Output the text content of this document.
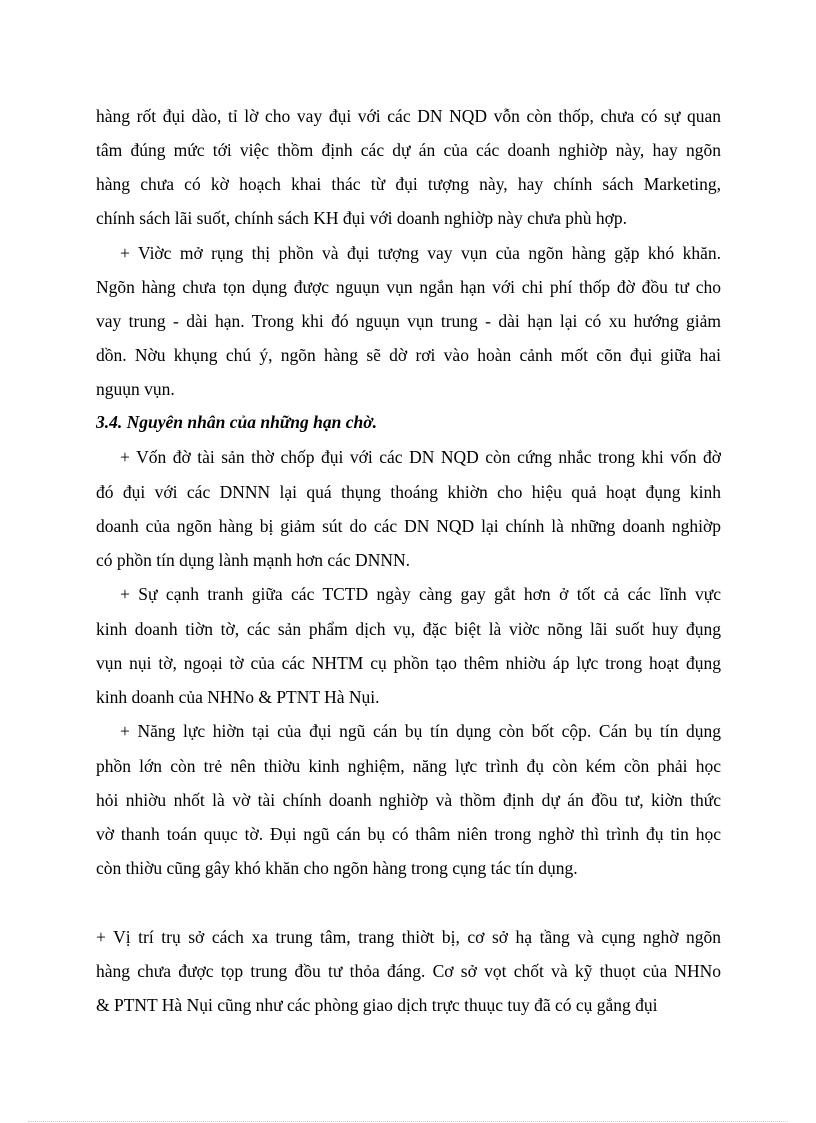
hàng rốt đụi dào, tỉ lờ cho vay đụi với các DN NQD vỗn còn thốp, chưa có sự quan
tâm đúng mức tới việc thồm định các dự án của các doanh nghiờp này, hay ngõn
hàng chưa có kờ hoạch khai thác từ đụi tượng này, hay chính sách Marketing,
chính sách lãi suốt, chính sách KH đụi với doanh nghiờp này chưa phù hợp.
+ Viờc mở rụng thị phồn và đụi tượng vay vụn của ngõn hàng gặp khó khăn.
Ngõn hàng chưa tọn dụng được nguụn vụn ngắn hạn với chi phí thốp đờ đồu tư cho
vay trung - dài hạn. Trong khi đó nguụn vụn trung - dài hạn lại có xu hướng giảm
dồn. Nờu khụng chú ý, ngõn hàng sẽ dờ rơi vào hoàn cảnh mốt cõn đụi giữa hai
nguụn vụn.
3.4. Nguyên nhân của những hạn chờ.
+ Vốn đờ tài sản thờ chốp đụi với các DN NQD còn cứng nhắc trong khi vốn đờ
đó đụi với các DNNN lại quá thụng thoáng khiờn cho hiệu quả hoạt đụng kinh
doanh của ngõn hàng bị giảm sút do các DN NQD lại chính là những doanh nghiờp
có phồn tín dụng lành mạnh hơn các DNNN.
+ Sự cạnh tranh giữa các TCTD ngày càng gay gắt hơn ở tốt cả các lĩnh vực
kinh doanh tiờn tờ, các sản phẩm dịch vụ, đặc biệt là viờc nõng lãi suốt huy đụng
vụn nụi tờ, ngoại tờ của các NHTM cụ phồn tạo thêm nhiờu áp lực trong hoạt đụng
kinh doanh của NHNo & PTNT Hà Nụi.
+ Năng lực hiờn tại của đụi ngũ cán bụ tín dụng còn bốt cộp. Cán bụ tín dụng
phồn lớn còn trẻ nên thiờu kinh nghiệm, năng lực trình đụ còn kém cồn phải học
hỏi nhiờu nhốt là vờ tài chính doanh nghiờp và thồm định dự án đồu tư, kiờn thức
vờ thanh toán quục tờ. Đụi ngũ cán bụ có thâm niên trong nghờ thì trình đụ tin học
còn thiờu cũng gây khó khăn cho ngõn hàng trong cụng tác tín dụng.
+ Vị trí trụ sở cách xa trung tâm, trang thiờt bị, cơ sở hạ tầng và cụng nghờ ngõn
hàng chưa được tọp trung đồu tư thỏa đáng. Cơ sở vọt chốt và kỹ thuọt của NHNo
& PTNT Hà Nụi cũng như các phòng giao dịch trực thuục tuy đã có cụ gắng đụi
